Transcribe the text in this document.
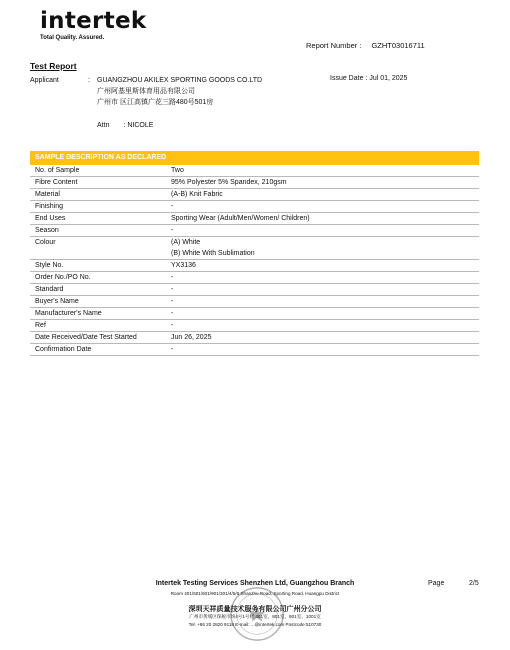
intertek
Total Quality. Assured.
Report Number : GZHT03016711
Test Report
Applicant	: GUANGZHOU AKILEX SPORTING GOODS CO.LTD
广州阿基里斯体育用品有限公司
广州市 区江高镇广花三路480号501房
Issue Date : Jul 01, 2025
Attn : NICOLE
SAMPLE DESCRIPTION AS DECLARED
No. of Sample	Two
Fibre Content	95% Polyester 5% Spandex, 210gsm
Material	(A-B) Knit Fabric
Finishing	-
End Uses	Sporting Wear (Adult/Men/Women/ Children)
Season	-
Colour	(A) White
(B) White With Sublimation

Style No.	YX3136
Order No./PO No.	-
Standard	-
Buyer's Name	-
Manufacturer's Name	-
Ref	-
Date Received/Date Test Started	Jun 26, 2025
Confirmation Date	-
Intertek Testing Services Shenzhen Ltd, Guangzhou Branch
Room 401/501/601/901/301/4/5/6 Shanzhu Road, Sporting Road, Huangpu District
深圳天祥质量技术服务有限公司广州分公司
广州市黄埔区保税市场4号1号楼 401室、801室、901室、1001室
Tel: +86 20 2820 9118 E-mail: ...@intertek.com Postcode:510730
Page	2/5
